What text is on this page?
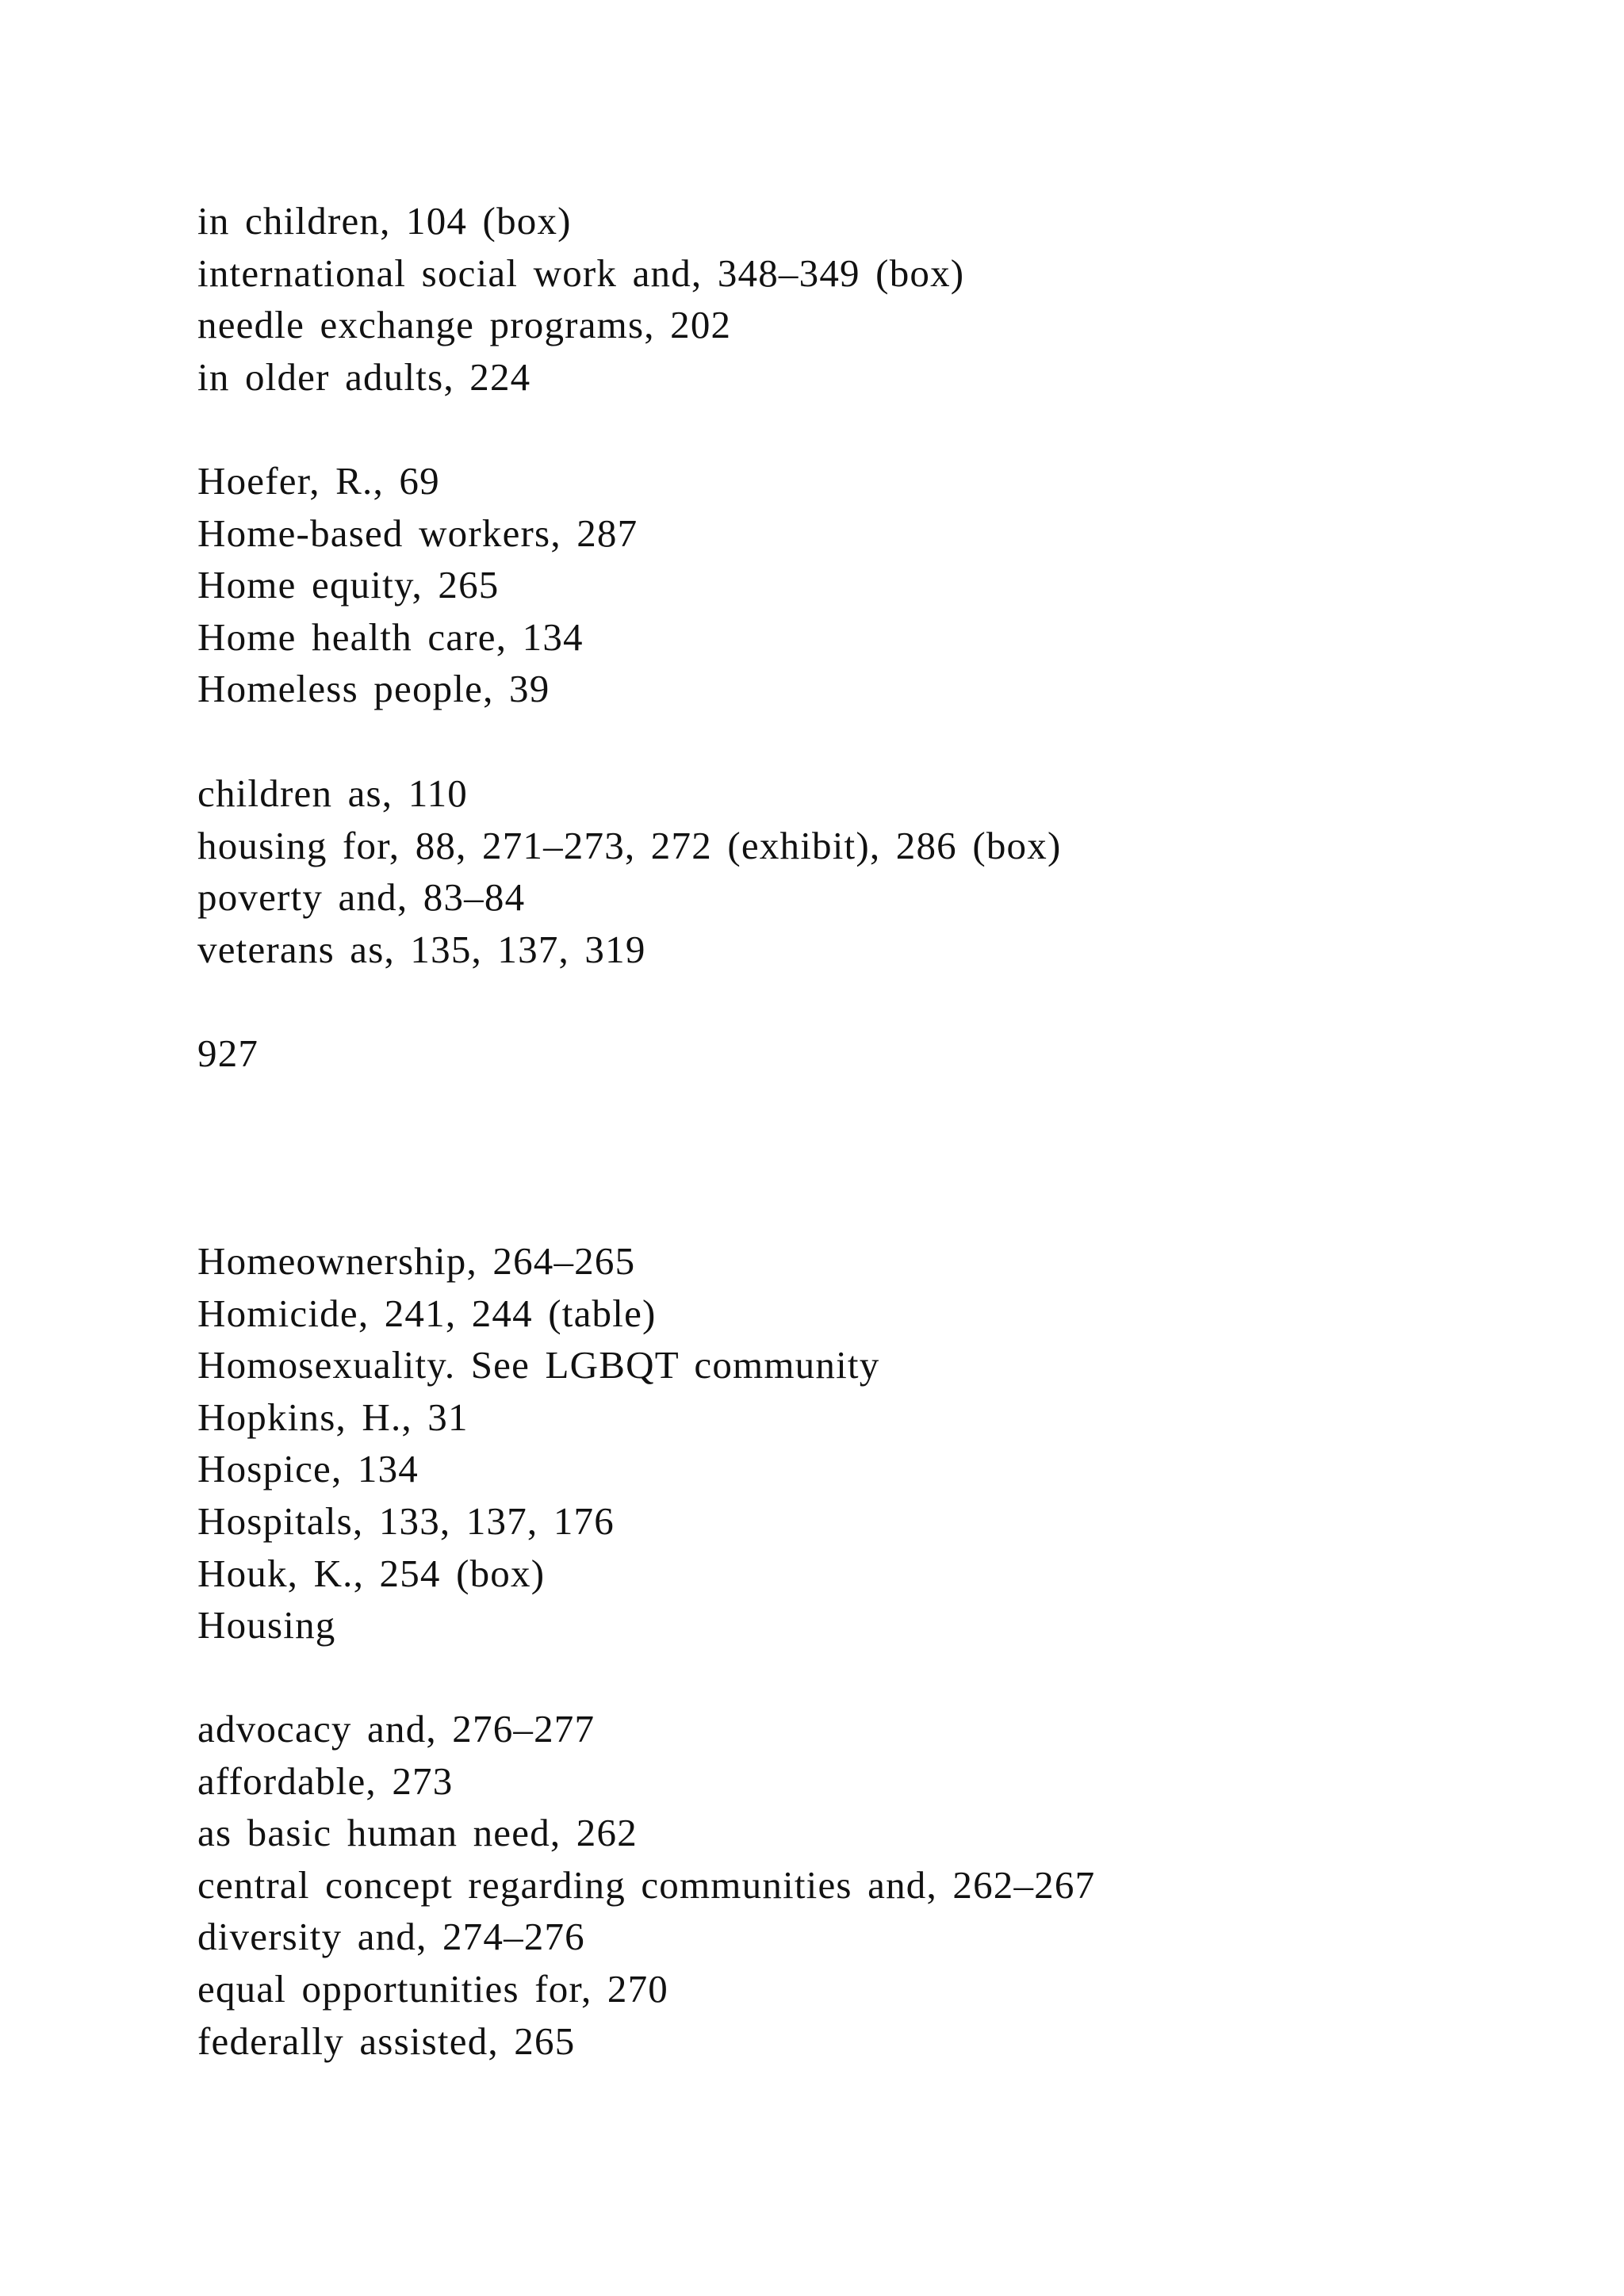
in children, 104 (box)
international social work and, 348–349 (box)
needle exchange programs, 202
in older adults, 224
Hoefer, R., 69
Home-based workers, 287
Home equity, 265
Home health care, 134
Homeless people, 39
children as, 110
housing for, 88, 271–273, 272 (exhibit), 286 (box)
poverty and, 83–84
veterans as, 135, 137, 319
927
Homeownership, 264–265
Homicide, 241, 244 (table)
Homosexuality. See LGBQT community
Hopkins, H., 31
Hospice, 134
Hospitals, 133, 137, 176
Houk, K., 254 (box)
Housing
advocacy and, 276–277
affordable, 273
as basic human need, 262
central concept regarding communities and, 262–267
diversity and, 274–276
equal opportunities for, 270
federally assisted, 265
